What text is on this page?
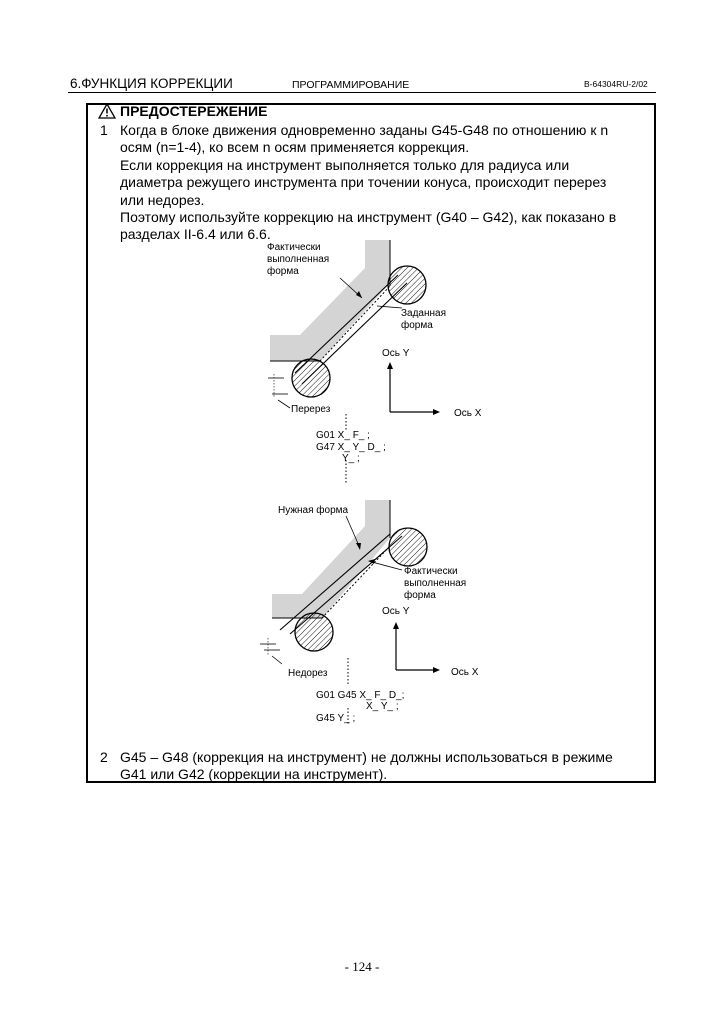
6.ФУНКЦИЯ КОРРЕКЦИИ	ПРОГРАММИРОВАНИЕ	B-64304RU-2/02
ПРЕДОСТЕРЕЖЕНИЕ
1 Когда в блоке движения одновременно заданы G45-G48 по отношению к n
осям (n=1-4), ко всем n осям применяется коррекция.
Если коррекция на инструмент выполняется только для радиуса или
диаметра режущего инструмента при точении конуса, происходит перерез
или недорез.
Поэтому используйте коррекцию на инструмент (G40 – G42), как показано в
разделах II-6.4 или 6.6.
Фактически выполненная форма
Заданная форма
Ось Y
Ось X
Перерез
G01 X_ F_ ;
G47 X_ Y_ D_ ;
Y_ ;
Нужная форма
Фактически выполненная форма
Ось Y
Ось X
Недорез
G01 G45 X_ F_ D_;
X_ Y_ ;
G45 Y_ ;
2 G45 – G48 (коррекция на инструмент) не должны использоваться в режиме
G41 или G42 (коррекции на инструмент).
- 124 -
